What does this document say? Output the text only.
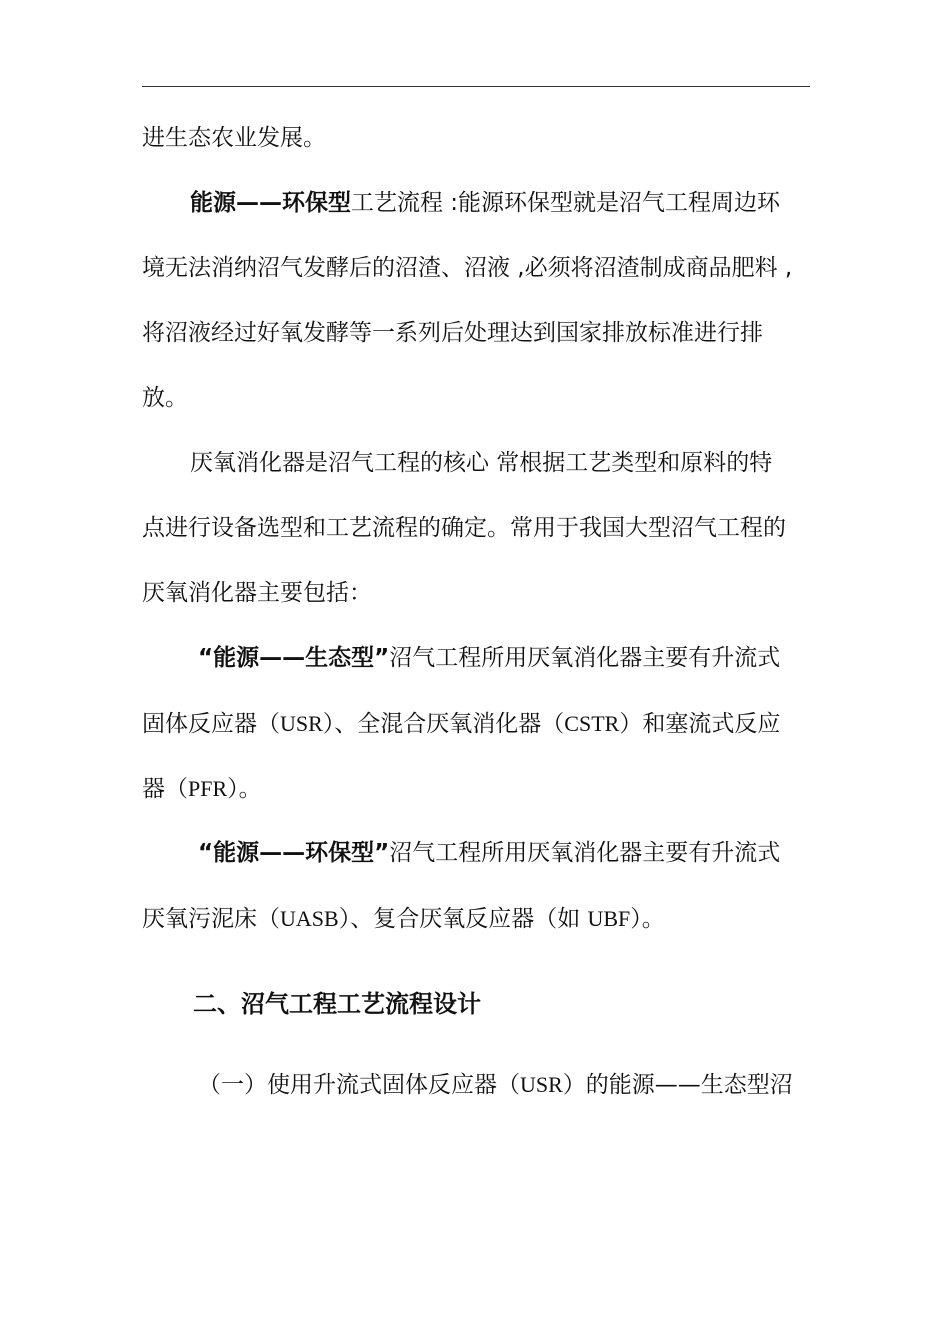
进生态农业发展。
能源——环保型工艺流程 :能源环保型就是沼气工程周边环
境无法消纳沼气发酵后的沼渣、沼液 ,必须将沼渣制成商品肥料 ,
将沼液经过好氧发酵等一系列后处理达到国家排放标准进行排
放。
厌氧消化器是沼气工程的核心 常根据工艺类型和原料的特
点进行设备选型和工艺流程的确定。常用于我国大型沼气工程的
厌氧消化器主要包括：
“能源——生态型”沼气工程所用厌氧消化器主要有升流式
固体反应器（USR）、全混合厌氧消化器（CSTR）和塞流式反应
器（PFR）。
“能源——环保型”沼气工程所用厌氧消化器主要有升流式
厌氧污泥床（UASB）、复合厌氧反应器（如 UBF）。
二、沼气工程工艺流程设计
（一）使用升流式固体反应器（USR）的能源——生态型沼
